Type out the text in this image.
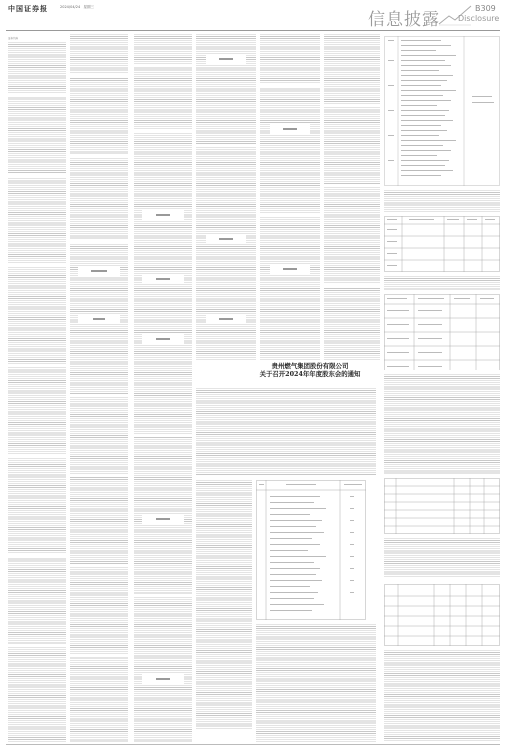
中国证券报	2024/04/24 星期三
信息披露
B309
Disclosure
证券代码
贵州燃气集团股份有限公司
关于召开2024年年度股东会的通知
